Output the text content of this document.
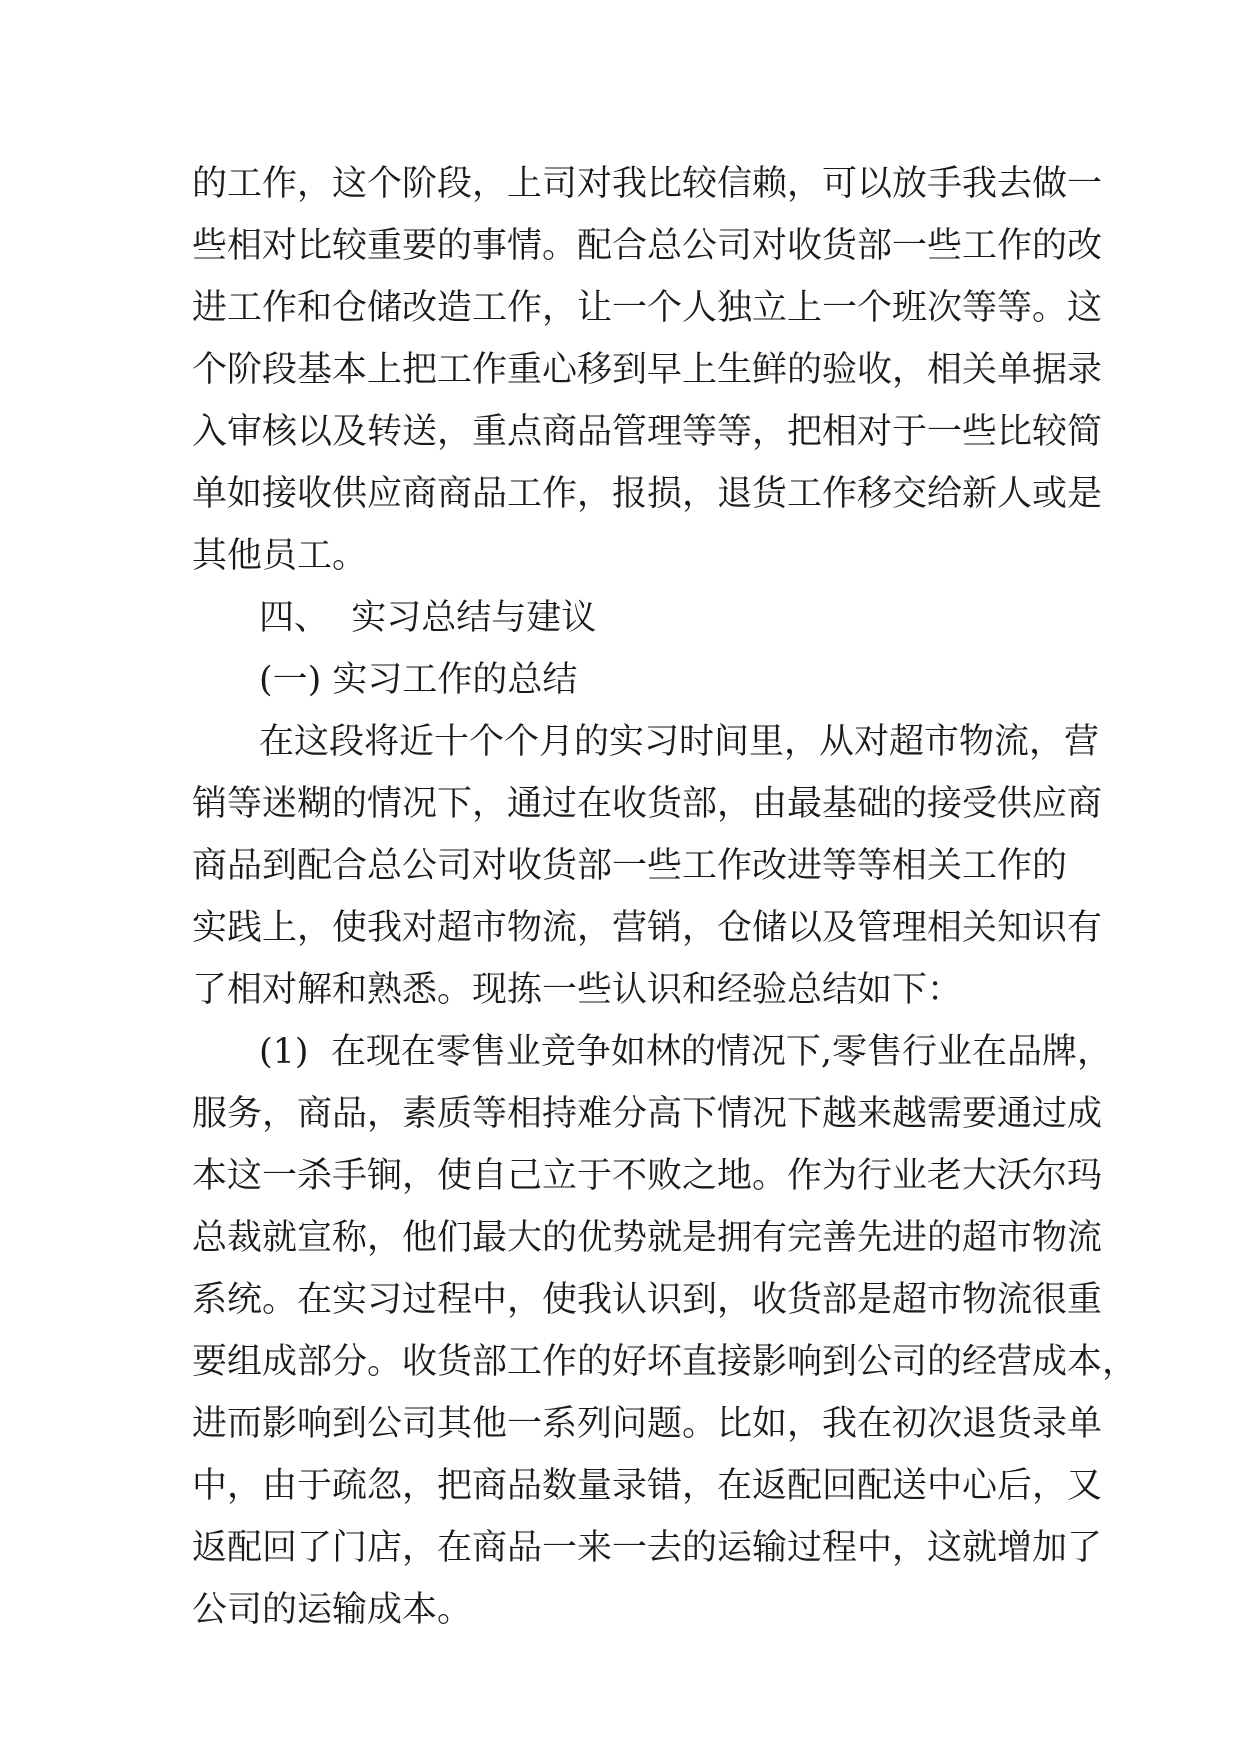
的工作，这个阶段，上司对我比较信赖，可以放手我去做一
些相对比较重要的事情。配合总公司对收货部一些工作的改
进工作和仓储改造工作，让一个人独立上一个班次等等。这
个阶段基本上把工作重心移到早上生鲜的验收，相关单据录
入审核以及转送，重点商品管理等等，把相对于一些比较简
单如接收供应商商品工作，报损，退货工作移交给新人或是
其他员工。
四、  实习总结与建议
(一) 实习工作的总结
在这段将近十个个月的实习时间里，从对超市物流，营
销等迷糊的情况下，通过在收货部，由最基础的接受供应商
商品到配合总公司对收货部一些工作改进等等相关工作的
实践上，使我对超市物流，营销，仓储以及管理相关知识有
了相对解和熟悉。现拣一些认识和经验总结如下：
(1)  在现在零售业竞争如林的情况下,零售行业在品牌，
服务，商品，素质等相持难分高下情况下越来越需要通过成
本这一杀手锏，使自己立于不败之地。作为行业老大沃尔玛
总裁就宣称，他们最大的优势就是拥有完善先进的超市物流
系统。在实习过程中，使我认识到，收货部是超市物流很重
要组成部分。收货部工作的好坏直接影响到公司的经营成本，
进而影响到公司其他一系列问题。比如，我在初次退货录单
中，由于疏忽，把商品数量录错，在返配回配送中心后，又
返配回了门店，在商品一来一去的运输过程中，这就增加了
公司的运输成本。
